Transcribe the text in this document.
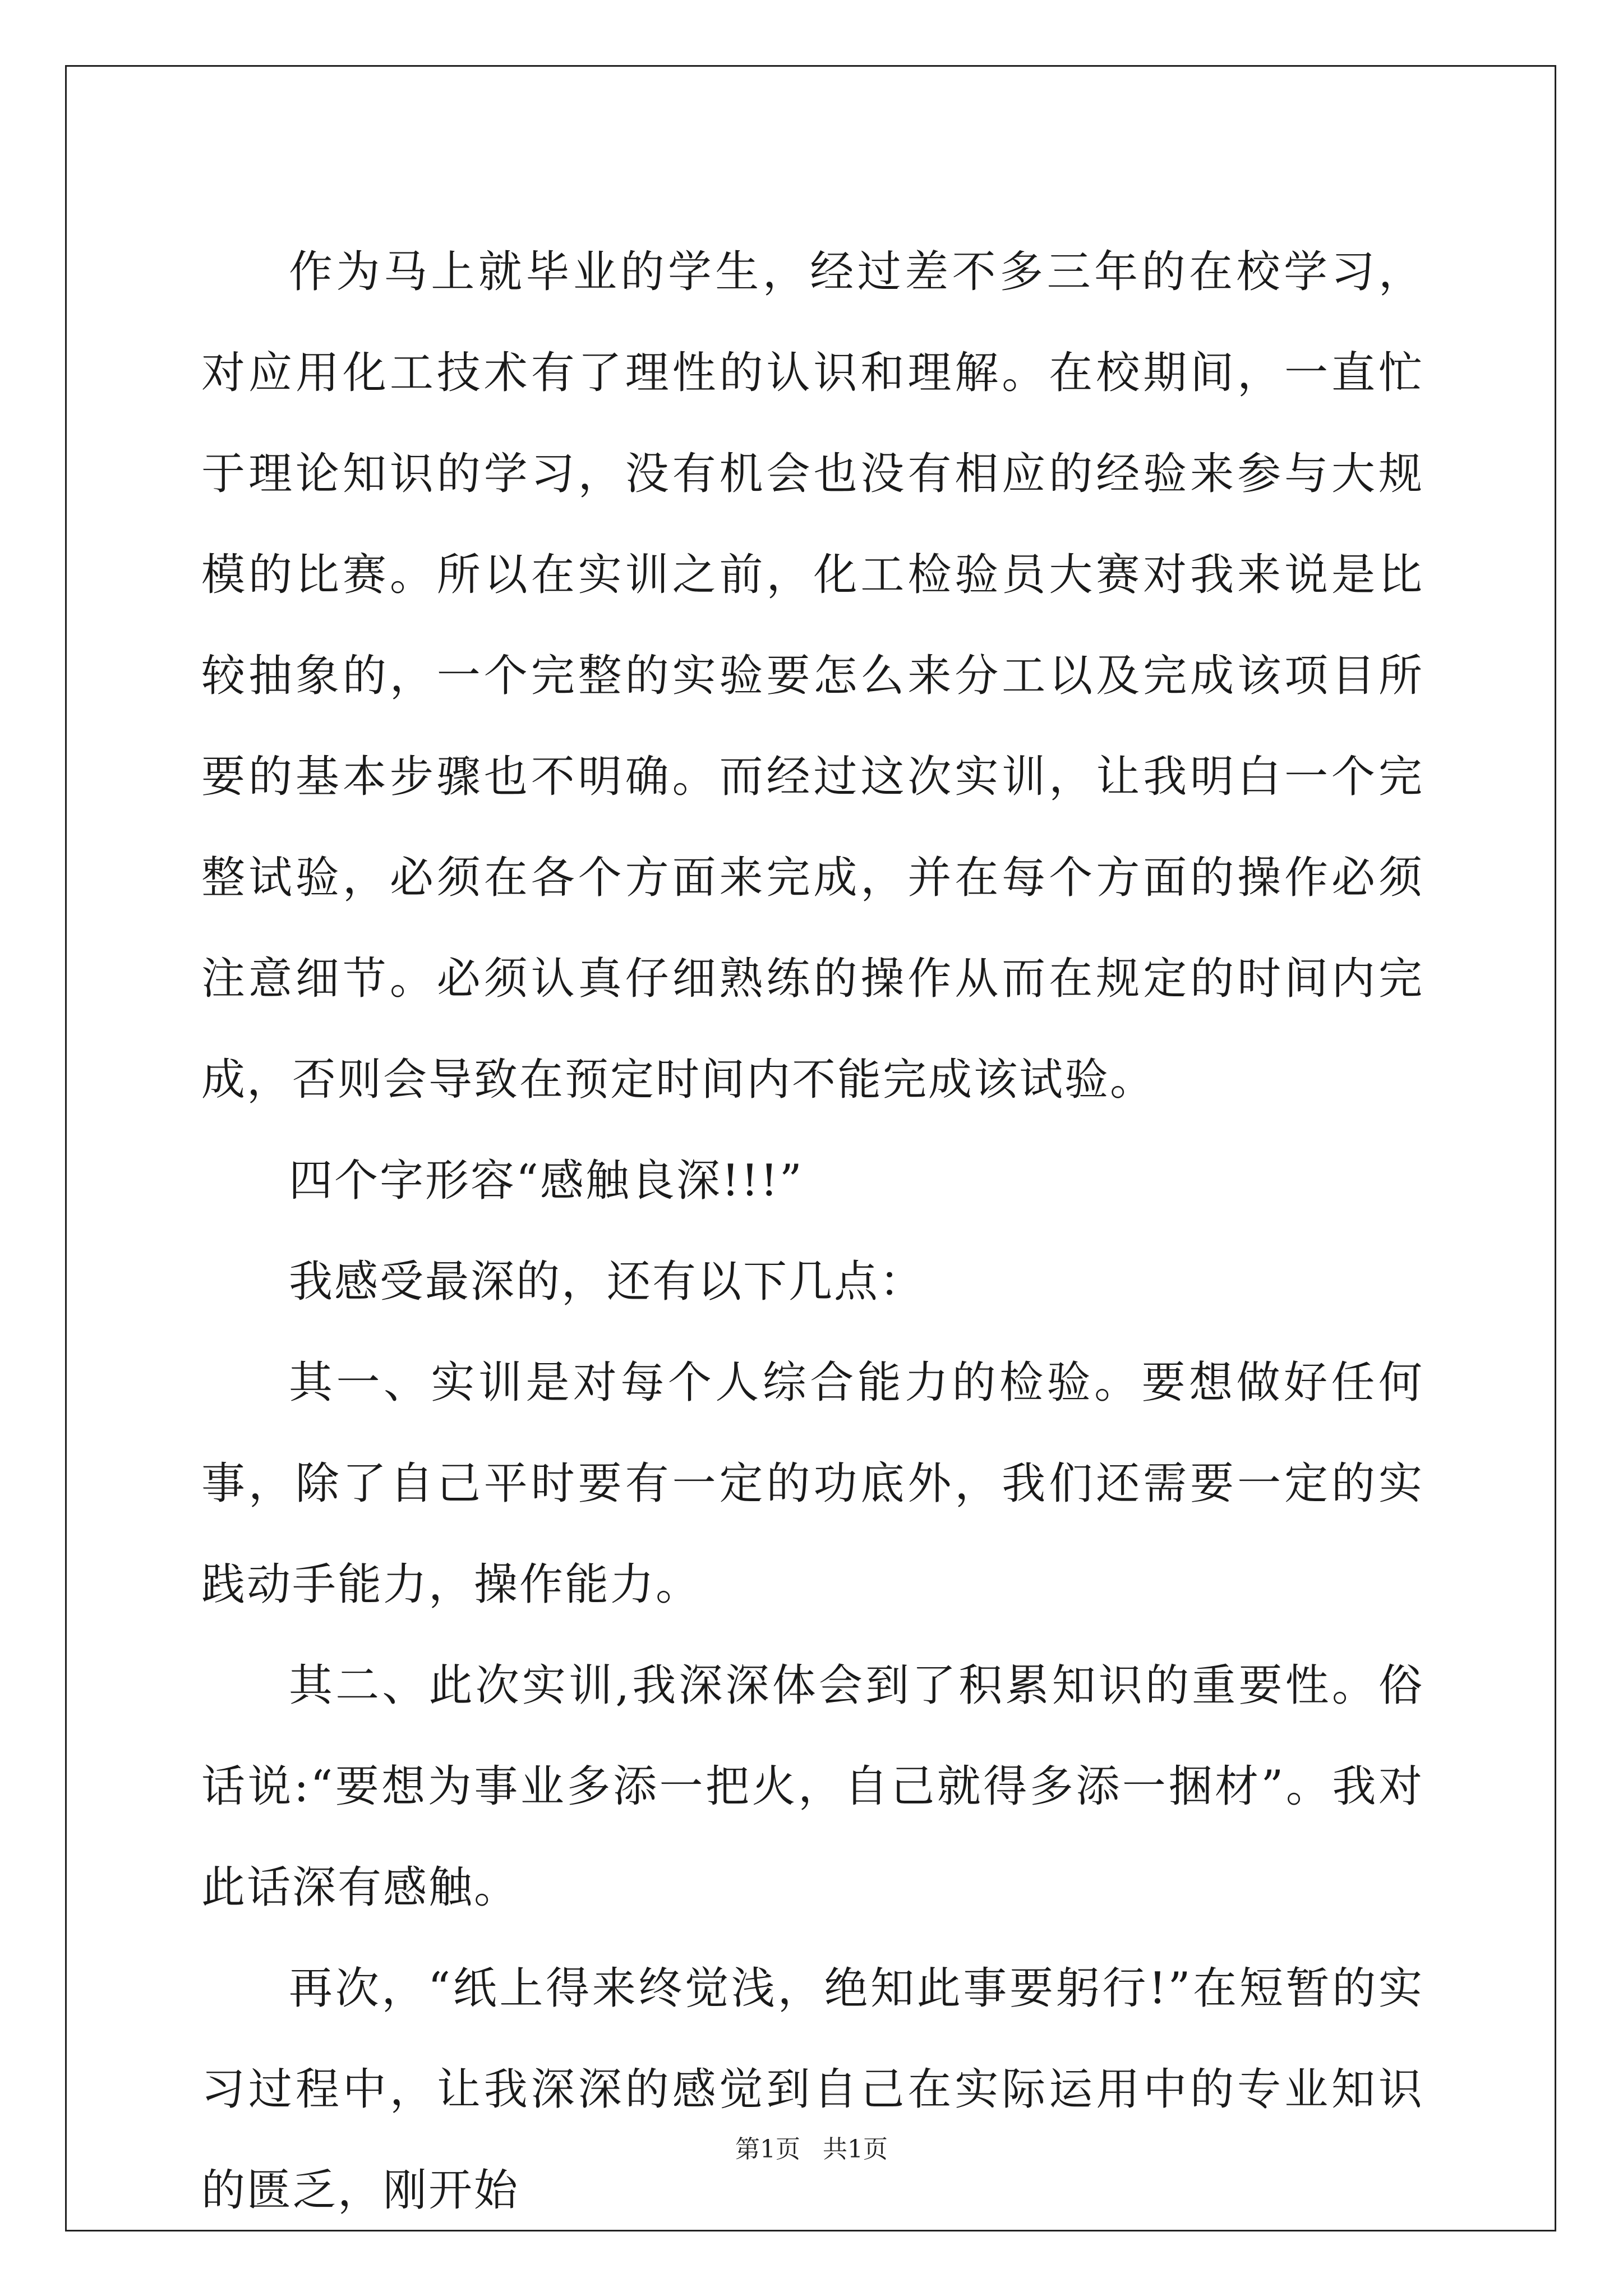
作为马上就毕业的学生，经过差不多三年的在校学习，对应用化工技术有了理性的认识和理解。在校期间，一直忙于理论知识的学习，没有机会也没有相应的经验来参与大规模的比赛。所以在实训之前，化工检验员大赛对我来说是比较抽象的，一个完整的实验要怎么来分工以及完成该项目所要的基本步骤也不明确。而经过这次实训，让我明白一个完整试验，必须在各个方面来完成，并在每个方面的操作必须注意细节。必须认真仔细熟练的操作从而在规定的时间内完成，否则会导致在预定时间内不能完成该试验。

四个字形容“感触良深!!!”

我感受最深的，还有以下几点：

其一、实训是对每个人综合能力的检验。要想做好任何事，除了自己平时要有一定的功底外，我们还需要一定的实践动手能力，操作能力。

其二、此次实训,我深深体会到了积累知识的重要性。俗话说:“要想为事业多添一把火，自己就得多添一捆材”。我对此话深有感触。

再次，“纸上得来终觉浅，绝知此事要躬行!”在短暂的实习过程中，让我深深的感觉到自己在实际运用中的专业知识的匮乏，刚开始

第1页 共1页
